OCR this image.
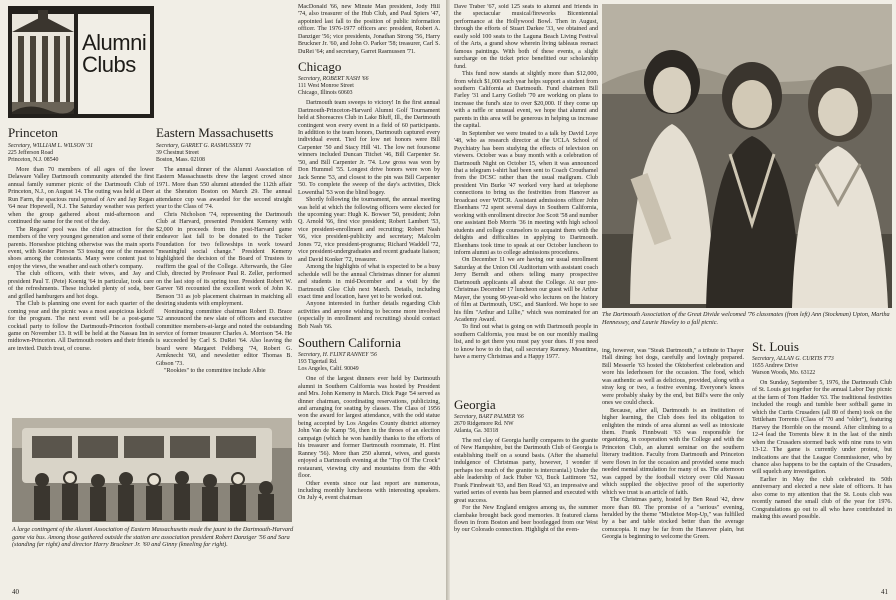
Alumni Clubs
Princeton
Secretary, WILLIAM L. WILSON '31
225 Jefferson Road
Princeton, N.J. 08540

More than 70 members of all ages of the lower Delaware Valley Dartmouth community attended the first annual family summer picnic of the Dartmouth Club of Princeton, N.J., on August 14. The outing was held at Deer Run Farm, the spacious rural spread of Arv and Jay Regan '64 near Hopewell, N.J. The Saturday weather was perfect when the group gathered about mid-afternoon and continued the same for the rest of the day.

The Regans' pool was the chief attraction for the members of the very youngest generation and some of their parents. Horseshoe pitching otherwise was the main sports event, with Kester Pierson '53 tossing one of the meanest shoes among the contestants. Many were content just to enjoy the views, the weather and each other's company.

The club officers, with their wives, and Jay and president Paul T. (Pete) Koenig '64 in particular, took care of the refreshments. These included plenty of soda, beer and grilled hamburgers and hot dogs.

The Club is planning one event for each quarter of the coming year and the picnic was a most auspicious kickoff for the program. The next event will be a post-game cocktail party to follow the Dartmouth-Princeton football game on November 13. It will be held at the Nassau Inn in midtown-Princeton. All Dartmouth rooters and their friends are invited. Dutch treat, of course.

Eastern Massachusetts
Secretary, GARRET G. RASMUSSEN '71
39 Chestnut Street
Boston, Mass. 02108

The annual dinner of the Alumni Association of Eastern Massachusetts drew the largest crowd since 1971. More than 550 alumni attended the 112th affair at the Sheraton Boston on March 29. The annual attendance cup was awarded for the second straight year to the Class of '74.

Chris Nicholson '74, representing the Dartmouth Club at Harvard, presented President Kemeny with $2,000 in proceeds from the post-Harvard game endeavor last fall to be donated to the Tucker Foundation for two fellowships in work toward "meaningful social change." President Kemeny highlighted the decision of the Board of Trustees to reaffirm the goal of the College. Afterwards, the Glee Club, directed by Professor Paul R. Zeller, performed on the last stop of its spring tour. President Robert W. Garver '68 recounted the excellent work of John K. Benson '31 as job placement chairman in matching all desiring students with employment.

Nominating committee chairman Robert D. Brace '52 announced the new slate of officers and executive committee members-at-large and noted the outstanding service of former treasurer Charles A. Morrison '54. He is succeeded by Carl S. DuRei '64. Also leaving the board were Margaret Feldberg '74, Robert G. Armknecht '60, and newsletter editor Thomas B. Gibson '73.

"Rookies" to the committee include Albie

MacDonald '66, new Minute Man president, Jody Hill '74, also treasurer of the Hub Club, and Paul Spiers '47, appointed last fall to the position of public information officer. The 1976-1977 officers are: president, Robert A. Danziger '56; vice presidents, Jonathan Strong '56, Harry Bruckner Jr. '60, and John O. Parker '58; treasurer, Carl S. DuRei '64; and secretary, Garret Rasmussen '71.

Chicago
Secretary, ROBERT NASH '66
111 West Monroe Street
Chicago, Illinois 60603

Dartmouth team sweeps to victory! In the first annual Dartmouth-Princeton-Harvard Alumni Golf Tournament held at Shoreacres Club in Lake Bluff, Ill., the Dartmouth contingent won every event in a field of 60 participants. In addition to the team honors, Dartmouth captured every individual event. Tied for low net honors were Bill Carpenter '50 and Stacy Hill '41. The low net foursome winners included Duncan Titchet '46, Bill Carpenter Sr. '50, and Bill Carpenter Jr. '74. Low gross was won by Don Hummel '55. Longest drive honors were won by Jack Senne '53, and closest to the pin was Bill Carpenter '50. To complete the sweep of the day's activities, Dick Lowenthal '53 won the blind bogey.

Shortly following the tournament, the annual meeting was held at which the following officers were elected for the upcoming year: Hugh K. Bowser '50, president; John Q. Arnold '66, first vice president; Robert Lambert '53, vice president-enrollment and recruiting; Robert Nash '66, vice president-publicity and secretary; Malcolm Jones '72, vice president-programs; Richard Waddell '72, vice president-undergraduates and recent graduate liaison; and David Konker '72, treasurer.

Among the highlights of what is expected to be a busy schedule will be the annual Christmas dinner for alumni and students in mid-December and a visit by the Dartmouth Glee Club next March. Details, including exact time and location, have yet to be worked out.

Anyone interested in further details regarding Club activities and anyone wishing to become more involved (especially in enrollment and recruiting) should contact Bob Nash '66.

Southern California
Secretary, H. FLINT RANNEY '56
193 Tigertail Rd.
Los Angeles, Calif. 90049

One of the largest dinners ever held by Dartmouth alumni in Southern California was hosted by President and Mrs. John Kemeny in March. Dick Page '54 served as dinner chairman, coordinating reservations, publicizing, and arranging for seating by classes. The Class of 1956 won the award for largest attendance, with the odd statue being accepted by Los Angeles County district attorney John Van de Kamp '56, then in the throes of an election campaign (which he won handily thanks to the efforts of his treasurer and former Dartmouth roommate, H. Flint Ranney '56). More than 250 alumni, wives, and guests enjoyed a Dartmouth evening at the "Top Of The Crock" restaurant, viewing city and mountains from the 40th floor.

Other events since our last report are numerous, including monthly luncheons with interesting speakers. On July 4, event chairman

A large contingent of the Alumni Association of Eastern Massachusetts made the jaunt to the Dartmouth-Harvard game via bus. Among those gathered outside the station are association president Robert Danziger '56 and Sara (standing far right) and director Harry Bruckner Jr. '60 and Ginny (kneeling far right).
40

Dave Traber '67, sold 125 seats to alumni and friends in the spectacular musical/fireworks Bicentennial performance at the Hollywood Bowl. Then in August, through the efforts of Stuart Darkee '33, we obtained and easily sold 100 seats to the Laguna Beach Living Festival of the Arts, a grand show wherein living tableaus reenact famous paintings. With both of these events, a slight surcharge on the ticket price benefitted our scholarship fund.

This fund now stands at slightly more than $12,000, from which $1,000 each year helps support a student from southern California at Dartmouth. Fund chairmen Bill Farley '31 and Larry Gotlieb '70 are working on plans to increase the fund's size to over $20,000. If they come up with a raffle or unusual event, we hope that alumni and parents in this area will be generous in helping us increase the capital.

In September we were treated to a talk by David Loye '48, who as research director at the UCLA School of Psychiatry has been studying the effects of television on viewers. October was a busy month with a celebration of Dartmouth Night on October 15, when it was announced that a telegram t-shirt had been sent to Coach Crouthamel from the DCSC rather than the usual mailgram. Club president Vin Burke '47 worked very hard at telephone connections to bring us the festivities from Hanover as broadcast over WDCR. Assistant admissions officer John Elsenhans '72 spent several days in Southern California, working with enrollment director Joe Scott '58 and number one assistant Bob Morris '36 in meeting with high school students and college counselors to acquaint them with the delights and difficulties in applying to Dartmouth. Elsenhans took time to speak at our October luncheon to inform alumni as to college admissions procedures.

On December 11 we are having our usual enrollment Saturday at the Union Oil Auditorium with assistant coach Jerry Berndt and others telling many prospective Dartmouth applicants all about the College. At our pre-Christmas December 17 luncheon our guest will be Arthur Mayer, the young 90-year-old who lectures on the history of film at Dartmouth, USC, and Stanford. We hope to see his film "Arthur and Lillie," which was nominated for an Academy Award.

To find out what is going on with Dartmouth people in southern California, you must be on our monthly mailing list, and to get there you must pay your dues. If you need to know how to do that, call secretary Ranney. Meantime, have a merry Christmas and a Happy 1977.

Georgia
Secretary, BART PALMER '66
2670 Ridgemore Rd. NW
Atlanta, Ga. 30318

The red clay of Georgia hardly compares to the granite of New Hampshire, but the Dartmouth Club of Georgia is establishing itself on a sound basis. (After the shameful indulgence of Christmas party, however, I wonder if perhaps too much of the granite is intercranial.) Under the able leadership of Jack Huber '63, Buck Lattimore '52, Frank Finnbwait '63, and Ben Read '63, an impressive and varied series of events has been planned and executed with great success.

For the New England emigres among us, the summer clambake brought back good memories. It featured clams flown in from Boston and beer bootlegged from our West by our Colorado connection. Highlight of the even-

The Dartmouth Association of the Great Divide welcomed '76 classmates (from left) Ann (Stockman) Upton, Martha Hennessey, and Laurie Hawley to a fall picnic.

ing, however, was "Steak Dartmouth," a tribute to Thayer Hall dining: hot dogs, carefully and lovingly prepared. Bill Messerle '63 hosted the Oktoberfest celebration and wore his lederhosen for the occasion. The food, which was authentic as well as delicious, provided, along with a stray keg or two, a festive evening. Everyone's knees were probably shaky by the end, but Bill's were the only ones we could check.

Because, after all, Dartmouth is an institution of higher learning, the Club does feel its obligation to enlighten the minds of area alumni as well as intoxicate them. Frank Finnbwait '63 was responsible for organizing, in cooperation with the College and with the Princeton Club, an alumni seminar on the southern literary tradition. Faculty from Dartmouth and Princeton were flown in for the occasion and provided some much needed mental stimulation for many of us. The afternoon was capped by the football victory over Old Nassau which supplied the objective proof of the superiority which we trust is an article of faith.

The Christmas party, hosted by Ben Read '42, drew more than 80. The promise of a "serious" evening, heralded by the theme "Mistletoe Mop-Up," was fulfilled by a bar and table stocked better than the average cornucopia. It may be far from the Hanover plain, but Georgia is beginning to welcome the Green.

St. Louis
Secretary, ALLAN G. CURTIS T'73
1655 Andrew Drive
Warson Woods, Mo. 63122

On Sunday, September 5, 1976, the Dartmouth Club of St. Louis got together for the annual Labor Day picnic at the farm of Tom Hadder '63. The traditional festivities included the rough and tumble beer softball game in which the Curtis Crusaders (all 80 of them) took on the Tettleham Torrents (Class of '70 and "older"), featuring Harvey the Horrible on the mound. After climbing to a 12-4 lead the Torrents blew it in the last of the ninth when the Crusaders stormed back with nine runs to win 13-12. The game is currently under protest, but indications are that the League Commissioner, who by chance also happens to be the captain of the Crusaders, will squelch any investigation.

Earlier in May the club celebrated its 50th anniversary and elected a new slate of officers. It has also come to my attention that the St. Louis club was recently named the small club of the year for 1976. Congratulations go out to all who have contributed in making this award possible.

41
